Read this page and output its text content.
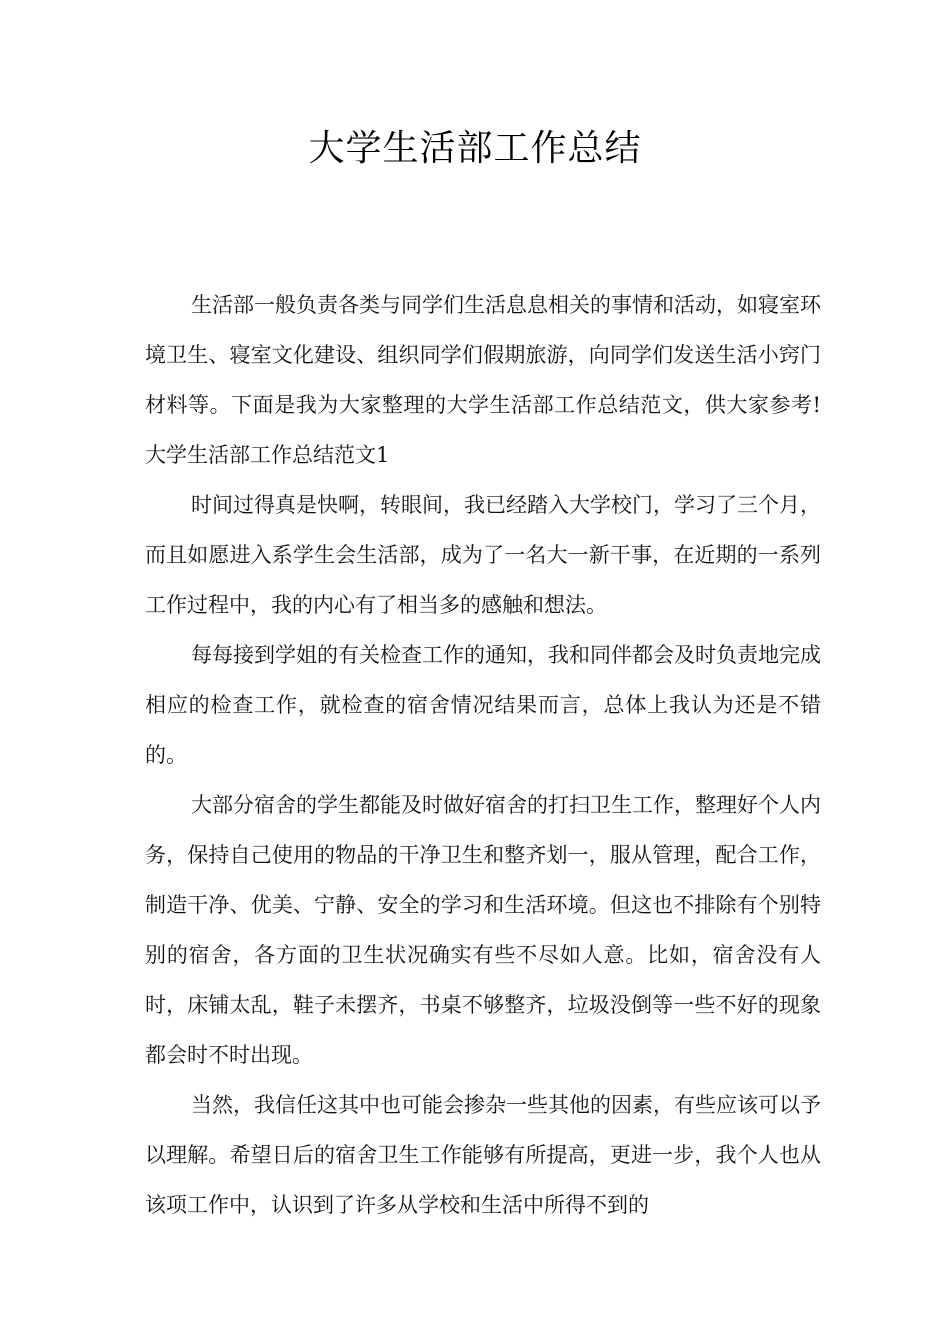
大学生活部工作总结

生活部一般负责各类与同学们生活息息相关的事情和活动，如寝室环境卫生、寝室文化建设、组织同学们假期旅游，向同学们发送生活小窍门材料等。下面是我为大家整理的大学生活部工作总结范文，供大家参考!大学生活部工作总结范文1

时间过得真是快啊，转眼间，我已经踏入大学校门，学习了三个月，而且如愿进入系学生会生活部，成为了一名大一新干事，在近期的一系列工作过程中，我的内心有了相当多的感触和想法。

每每接到学姐的有关检查工作的通知，我和同伴都会及时负责地完成相应的检查工作，就检查的宿舍情况结果而言，总体上我认为还是不错的。

大部分宿舍的学生都能及时做好宿舍的打扫卫生工作，整理好个人内务，保持自己使用的物品的干净卫生和整齐划一，服从管理，配合工作，制造干净、优美、宁静、安全的学习和生活环境。但这也不排除有个别特别的宿舍，各方面的卫生状况确实有些不尽如人意。比如，宿舍没有人时，床铺太乱，鞋子未摆齐，书桌不够整齐，垃圾没倒等一些不好的现象都会时不时出现。

当然，我信任这其中也可能会掺杂一些其他的因素，有些应该可以予以理解。希望日后的宿舍卫生工作能够有所提高，更进一步，我个人也从该项工作中，认识到了许多从学校和生活中所得不到的
